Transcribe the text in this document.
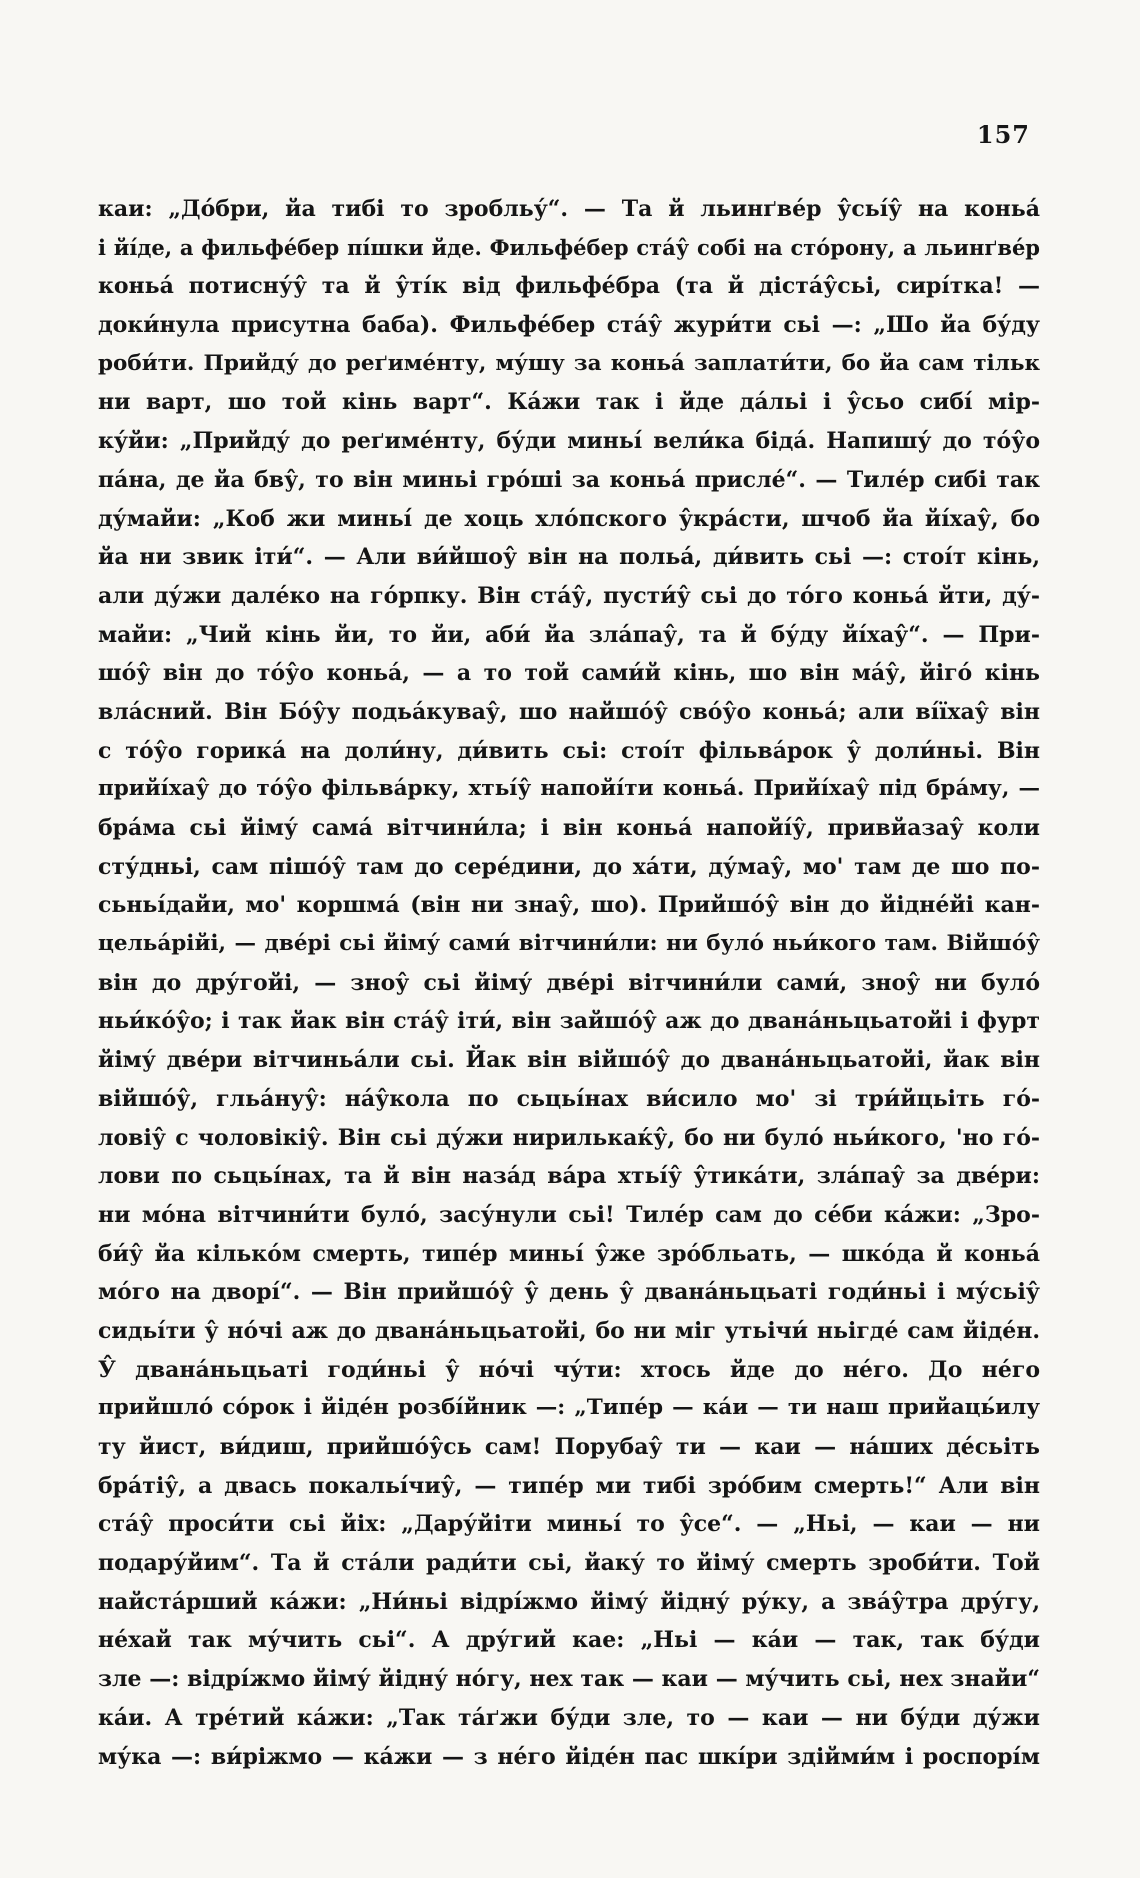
157
каи: „До́бри, йа тибі то зробльу́“. — Та й льинґве́р у̂сьі́у̂ на коньа́
і йі́де, а фильфе́бер пі́шки йде. Фильфе́бер ста́у̂ собі на сто́рону, а льинґве́р
коньа́ потисну́у̂ та й у̂ті́к від фильфе́бра (та й діста́у̂сьі, сирі́тка! —
доки́нула присутна баба). Фильфе́бер ста́у̂ жури́ти сьі —: „Шо йа бу́ду
роби́ти. Прийду́ до реґиме́нту, му́шу за коньа́ заплати́ти, бо йа сам тільк
ни варт, шо той кінь варт“. Ка́жи так і йде да́льі і у̂сьо сибі́ мір-
ку́йи: „Прийду́ до реґиме́нту, бу́ди миньі́ вели́ка біда́. Напишу́ до то́у̂о
па́на, де йа бву̂, то він миньі гро́ші за коньа́ присле́“. — Тиле́р сибі так
ду́майи: „Коб жи миньі́ де хоць хло́пского у̂кра́сти, шчоб йа йі́хау̂, бо
йа ни звик іти́“. — Али ви́йшоу̂ він на польа́, ди́вить сьі —: стоі́т кінь,
али ду́жи дале́ко на го́рпку. Він ста́у̂, пусти́у̂ сьі до то́го коньа́ йти, ду́-
майи: „Чий кінь йи, то йи, аби́ йа зла́пау̂, та й бу́ду йі́хау̂“. — При-
шо́у̂ він до то́у̂о коньа́, — а то той сами́й кінь, шо він ма́у̂, йіго́ кінь
вла́сний. Він Бо́у̂у подьа́кувау̂, шо найшо́у̂ сво́у̂о коньа́; али ві́їхау̂ він
с то́у̂о горика́ на доли́ну, ди́вить сьі: стоі́т фільва́рок у̂ доли́ньі. Він
прийі́хау̂ до то́у̂о фільва́рку, хтьі́у̂ напойі́ти коньа́. Прийі́хау̂ під бра́му, —
бра́ма сьі йіму́ сама́ вітчини́ла; і він коньа́ напойі́у̂, привйазау̂ коли
сту́дньі, сам пішо́у̂ там до сере́дини, до ха́ти, ду́мау̂, мо' там де шо по-
сьньі́дайи, мо' коршма́ (він ни знау̂, шо). Прийшо́у̂ він до йідне́йі кан-
цельа́рійі, — две́рі сьі йіму́ сами́ вітчини́ли: ни було́ ньи́кого там. Війшо́у̂
він до дру́гойі, — зноу̂ сьі йіму́ две́рі вітчини́ли сами́, зноу̂ ни було́
ньи́ко́у̂о; і так йак він ста́у̂ іти́, він зайшо́у̂ аж до двана́ньцьатойі і фурт
йіму́ две́ри вітчиньа́ли сьі. Йак він війшо́у̂ до двана́ньцьатойі, йак він
війшо́у̂, гльа́нуу̂: на́у̂кола по сьцьі́нах ви́сило мо' зі три́йцьіть го́-
ловіу̂ с чоловікіу̂. Він сьі ду́жи нирилькаќу̂, бо ни було́ ньи́кого, 'но го́-
лови по сьцьі́нах, та й він наза́д ва́ра хтьі́у̂ у̂тика́ти, зла́пау̂ за две́ри:
ни мо́на вітчини́ти було́, засу́нули сьі! Тиле́р сам до се́би ка́жи: „Зро-
би́у̂ йа кілько́м смерть, типе́р миньі́ у̂же зро́бльать, — шко́да й коньа́
мо́го на дворі́“. — Він прийшо́у̂ у̂ день у̂ двана́ньцьаті годи́ньі і му́сьіу̂
сидьі́ти у̂ но́чі аж до двана́ньцьатойі, бо ни міг утьічи́ ньігде́ сам йіде́н.
У̂ двана́ньцьаті годи́ньі у̂ но́чі чу́ти: хтось йде до не́го. До не́го
прийшло́ со́рок і йіде́н розбі́йник —: „Типе́р — ка́и — ти наш прийаць́илу
ту йист, ви́диш, прийшо́у̂сь сам! Порубау̂ ти — каи — на́ших де́сьіть
бра́тіу̂, а двась покальі́чиу̂, — типе́р ми тибі зро́бим смерть!“ Али він
ста́у̂ проси́ти сьі йіх: „Дару́йіти миньі́ то у̂се“. — „Ньі, — каи — ни
подару́йим“. Та й ста́ли ради́ти сьі, йаку́ то йіму́ смерть зроби́ти. Той
найста́рший ка́жи: „Ни́ньі відрі́жмо йіму́ йідну́ ру́ку, а зва́у̂тра дру́гу,
не́хай так му́чить сьі“. А дру́гий кае: „Ньі — ка́и — так, так бу́ди
зле —: відрі́жмо йіму́ йідну́ но́гу, нех так — каи — му́чить сьі, нех знайи“
ка́и. А тре́тий ка́жи: „Так та́ґжи бу́ди зле, то — каи — ни бу́ди ду́жи
му́ка —: ви́ріжмо — ка́жи — з не́го йіде́н пас шкі́ри здійми́м і роспорі́м
